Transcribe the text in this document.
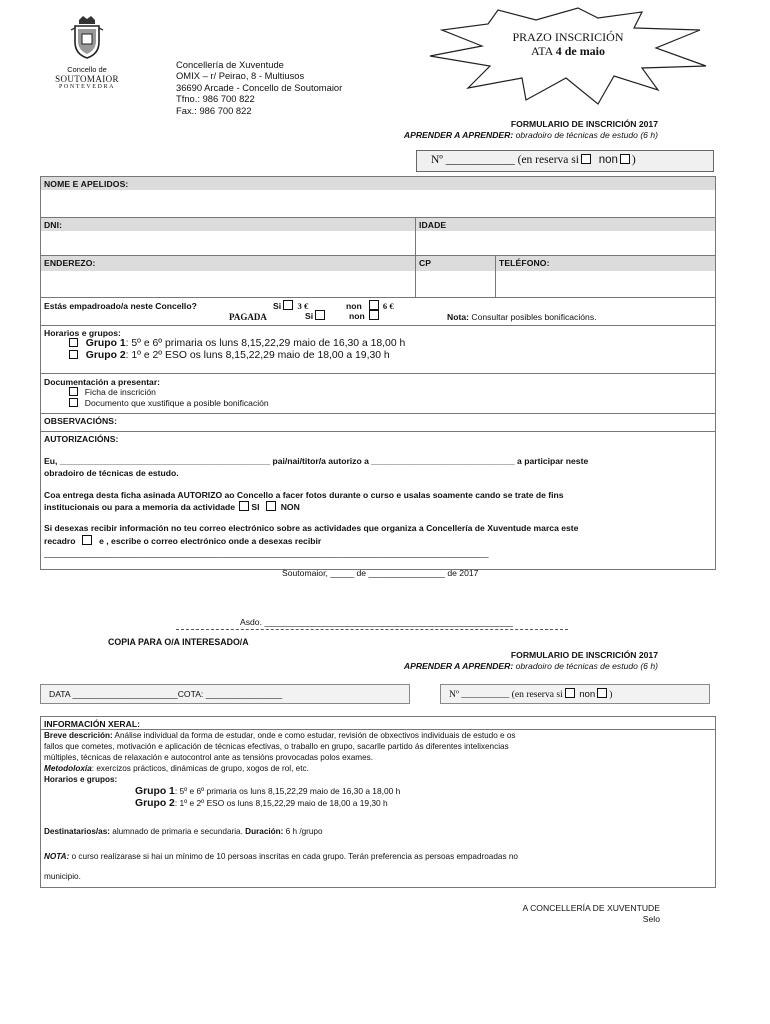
Concello de
SOUTOMAIOR
PONTEVEDRA
Concellería de Xuventude
OMIX – r/ Peirao, 8 - Multiusos
36690 Arcade - Concello de Soutomaior
Tfno.: 986 700 822
Fax.: 986 700 822
PRAZO INSCRICIÓN
ATA 4 de maio
FORMULARIO DE INSCRICIÓN 2017
APRENDER A APRENDER: obradoiro de técnicas de estudo (6 h)
Nº ____________ (en reserva si non )
NOME E APELIDOS:
DNI:	IDADE
ENDEREZO:	CP	TELÉFONO:
Estás empadroado/a neste Concello?	Si 3 €	non 6 €
PAGADA	Si	non	Nota: Consultar posibles bonificacións.
Horarios e grupos:
Grupo 1: 5º e 6º primaria os luns 8,15,22,29 maio de 16,30 a 18,00 h
Grupo 2: 1º e 2º ESO os luns 8,15,22,29 maio de 18,00 a 19,30 h
Documentación a presentar:
Ficha de inscrición
Documento que xustifique a posible bonificación
OBSERVACIÓNS:
AUTORIZACIÓNS:
Eu, ____________________________________________ pai/nai/titor/a autorizo a ______________________________ a participar neste
obradoiro de técnicas de estudo.
Coa entrega desta ficha asinada AUTORIZO ao Concello a facer fotos durante o curso e usalas soamente cando se trate de fins
institucionais ou para a memoria da actividade SI NON
Si desexas recibir información no teu correo electrónico sobre as actividades que organiza a Concellería de Xuventude marca este
recadro	e , escribe o correo electrónico onde a desexas recibir
_____________________________________________________________________________________________
Soutomaior, _____ de ________________ de 2017
Asdo. ____________________________________________________
COPIA PARA O/A INTERESADO/A
FORMULARIO DE INSCRICIÓN 2017
APRENDER A APRENDER: obradoiro de técnicas de estudo (6 h)
DATA ______________________COTA: ________________	Nº __________ (en reserva si non )
INFORMACIÓN XERAL:
Breve descrición: Análise individual da forma de estudar, onde e como estudar, revisión de obxectivos individuais de estudo e os
fallos que cometes, motivación e aplicación de técnicas efectivas, o traballo en grupo, sacarlle partido ás diferentes intelixencias
múltiples, técnicas de relaxación e autocontrol ante as tensións provocadas polos exames.
Metodoloxía: exercizos prácticos, dinámicas de grupo, xogos de rol, etc.
Horarios e grupos:
Grupo 1: 5º e 6º primaria os luns 8,15,22,29 maio de 16,30 a 18,00 h
Grupo 2: 1º e 2º ESO os luns 8,15,22,29 maio de 18,00 a 19,30 h
Destinatarios/as: alumnado de primaria e secundaria. Duración: 6 h /grupo
NOTA: o curso realizarase si hai un mínimo de 10 persoas inscritas en cada grupo. Terán preferencia as persoas empadroadas no
municipio.
A CONCELLERÍA DE XUVENTUDE
Selo
